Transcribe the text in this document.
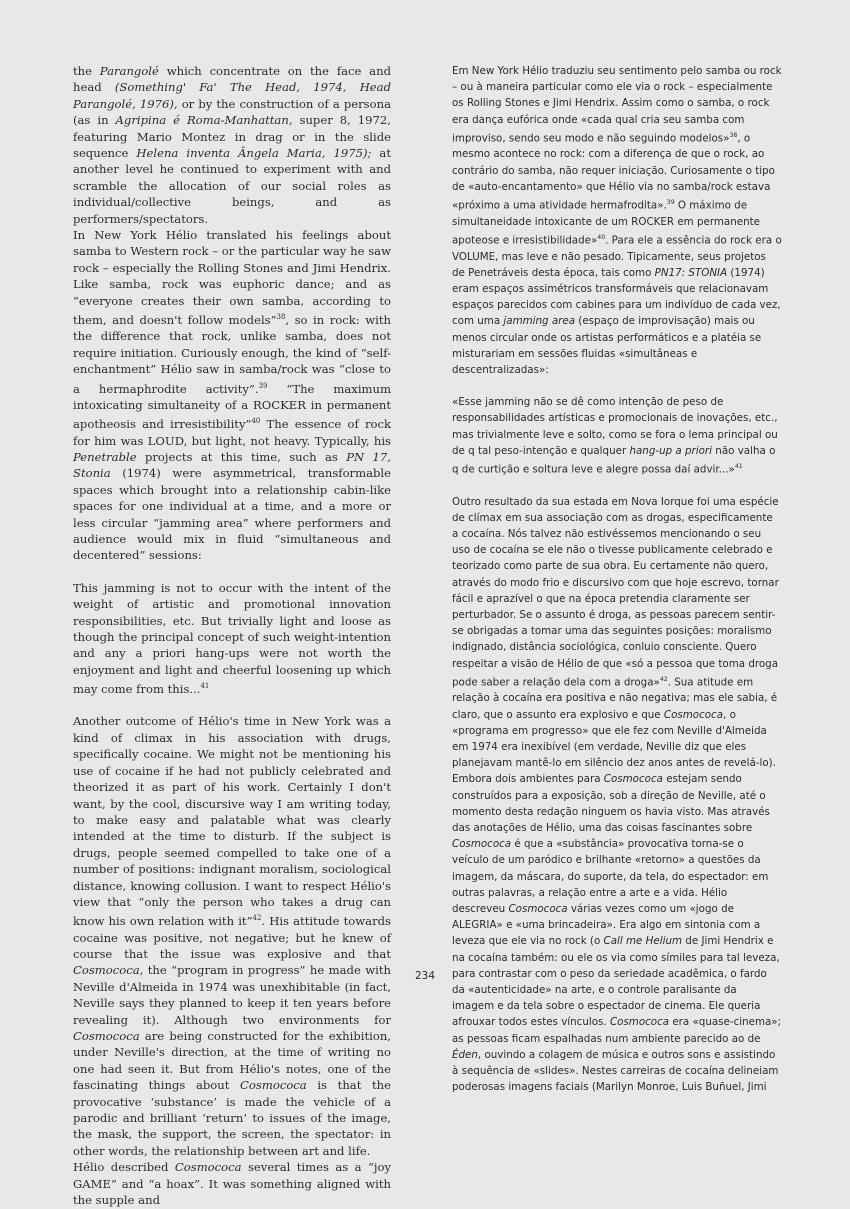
the Parangolé which concentrate on the face and head (Something' Fa' The Head, 1974, Head Parangolé, 1976), or by the construction of a persona (as in Agripina é Roma-Manhattan, super 8, 1972, featuring Mario Montez in drag or in the slide sequence Helena inventa Ângela Maria, 1975); at another level he continued to experiment with and scramble the allocation of our social roles as individual/collective beings, and as performers/spectators.

In New York Hélio translated his feelings about samba to Western rock – or the particular way he saw rock – especially the Rolling Stones and Jimi Hendrix. Like samba, rock was euphoric dance; and as “everyone creates their own samba, according to them, and doesn't follow models”$^{38}$, so in rock: with the difference that rock, unlike samba, does not require initiation. Curiously enough, the kind of “self-enchantment” Hélio saw in samba/rock was “close to a hermaphrodite activity”.$^{39}$ “The maximum intoxicating simultaneity of a ROCKER in permanent apotheosis and irresistibility”$^{40}$ The essence of rock for him was LOUD, but light, not heavy. Typically, his Penetrable projects at this time, such as PN 17, Stonia (1974) were asymmetrical, transformable spaces which brought into a relationship cabin-like spaces for one individual at a time, and a more or less circular “jamming area” where performers and audience would mix in fluid “simultaneous and decentered” sessions:

This jamming is not to occur with the intent of the weight of artistic and promotional innovation responsibilities, etc. But trivially light and loose as though the principal concept of such weight-intention and any a priori hang-ups were not worth the enjoyment and light and cheerful loosening up which may come from this...$^{41}$

Another outcome of Hélio's time in New York was a kind of climax in his association with drugs, specifically cocaine. We might not be mentioning his use of cocaine if he had not publicly celebrated and theorized it as part of his work. Certainly I don't want, by the cool, discursive way I am writing today, to make easy and palatable what was clearly intended at the time to disturb. If the subject is drugs, people seemed compelled to take one of a number of positions: indignant moralism, sociological distance, knowing collusion. I want to respect Hélio's view that “only the person who takes a drug can know his own relation with it”$^{42}$. His attitude towards cocaine was positive, not negative; but he knew of course that the issue was explosive and that Cosmococa, the “program in progress” he made with Neville d'Almeida in 1974 was unexhibitable (in fact, Neville says they planned to keep it ten years before revealing it). Although two environments for Cosmococa are being constructed for the exhibition, under Neville's direction, at the time of writing no one had seen it. But from Hélio's notes, one of the fascinating things about Cosmococa is that the provocative ‘substance’ is made the vehicle of a parodic and brilliant ‘return’ to issues of the image, the mask, the support, the screen, the spectator: in other words, the relationship between art and life.

Hélio described Cosmococa several times as a “joy GAME” and “a hoax”. It was something aligned with the supple and

Em New York Hélio traduziu seu sentimento pelo samba ou rock – ou à maneira particular como ele via o rock – especialmente os Rolling Stones e Jimi Hendrix. Assim como o samba, o rock era dança eufórica onde «cada qual cria seu samba com improviso, sendo seu modo e não seguindo modelos»$^{38}$, o mesmo acontece no rock: com a diferença de que o rock, ao contrário do samba, não requer iniciação. Curiosamente o tipo de «auto-encantamento» que Hélio via no samba/rock estava «próximo a uma atividade hermafrodita».$^{39}$ O máximo de simultaneidade intoxicante de um ROCKER em permanente apoteose e irresistibilidade»$^{40}$. Para ele a essência do rock era o VOLUME, mas leve e não pesado. Tipicamente, seus projetos de Penetráveis desta época, tais como PN17: STONIA (1974) eram espaços assimétricos transformáveis que relacionavam espaços parecidos com cabines para um indivíduo de cada vez, com uma jamming area (espaço de improvisação) mais ou menos circular onde os artistas performáticos e a platéia se misturariam em sessões fluidas «simultâneas e descentralizadas»:

«Esse jamming não se dê como intenção de peso de responsabilidades artísticas e promocionais de inovações, etc., mas trivialmente leve e solto, como se fora o lema principal ou de q tal peso-intenção e qualquer hang-up a priori não valha o q de curtição e soltura leve e alegre possa daí advir...»$^{41}$

Outro resultado da sua estada em Nova Iorque foi uma espécie de clímax em sua associação com as drogas, especificamente a cocaína. Nós talvez não estivéssemos mencionando o seu uso de cocaína se ele não o tivesse publicamente celebrado e teorizado como parte de sua obra. Eu certamente não quero, através do modo frio e discursivo com que hoje escrevo, tornar fácil e aprazível o que na época pretendia claramente ser perturbador. Se o assunto é droga, as pessoas parecem sentir-se obrigadas a tomar uma das seguintes posições: moralismo indignado, distância sociológica, conluio consciente. Quero respeitar a visão de Hélio de que «só a pessoa que toma droga pode saber a relação dela com a droga»$^{42}$. Sua atitude em relação à cocaína era positiva e não negativa; mas ele sabia, é claro, que o assunto era explosivo e que Cosmococa, o «programa em progresso» que ele fez com Neville d'Almeida em 1974 era inexibível (em verdade, Neville diz que eles planejavam mantê-lo em silêncio dez anos antes de revelá-lo). Embora dois ambientes para Cosmococa estejam sendo construídos para a exposição, sob a direção de Neville, até o momento desta redação ninguem os havia visto. Mas através das anotações de Hélio, uma das coisas fascinantes sobre Cosmococa é que a «substância» provocativa torna-se o veículo de um paródico e brilhante «retorno» a questões da imagem, da máscara, do suporte, da tela, do espectador: em outras palavras, a relação entre a arte e a vida. Hélio descreveu Cosmococa várias vezes como um «jogo de ALEGRIA» e «uma brincadeira». Era algo em sintonia com a leveza que ele via no rock (o Call me Helium de Jimi Hendrix e na cocaína também: ou ele os via como símiles para tal leveza, para contrastar com o peso da seriedade acadêmica, o fardo da «autenticidade» na arte, e o controle paralisante da imagem e da tela sobre o espectador de cinema. Ele queria afrouxar todos estes vínculos. Cosmococa era «quase-cinema»; as pessoas ficam espalhadas num ambiente parecido ao de Éden, ouvindo a colagem de música e outros sons e assistindo à sequência de «slides». Nestes carreiras de cocaína delineiam poderosas imagens faciais (Marilyn Monroe, Luis Buñuel, Jimi

234
